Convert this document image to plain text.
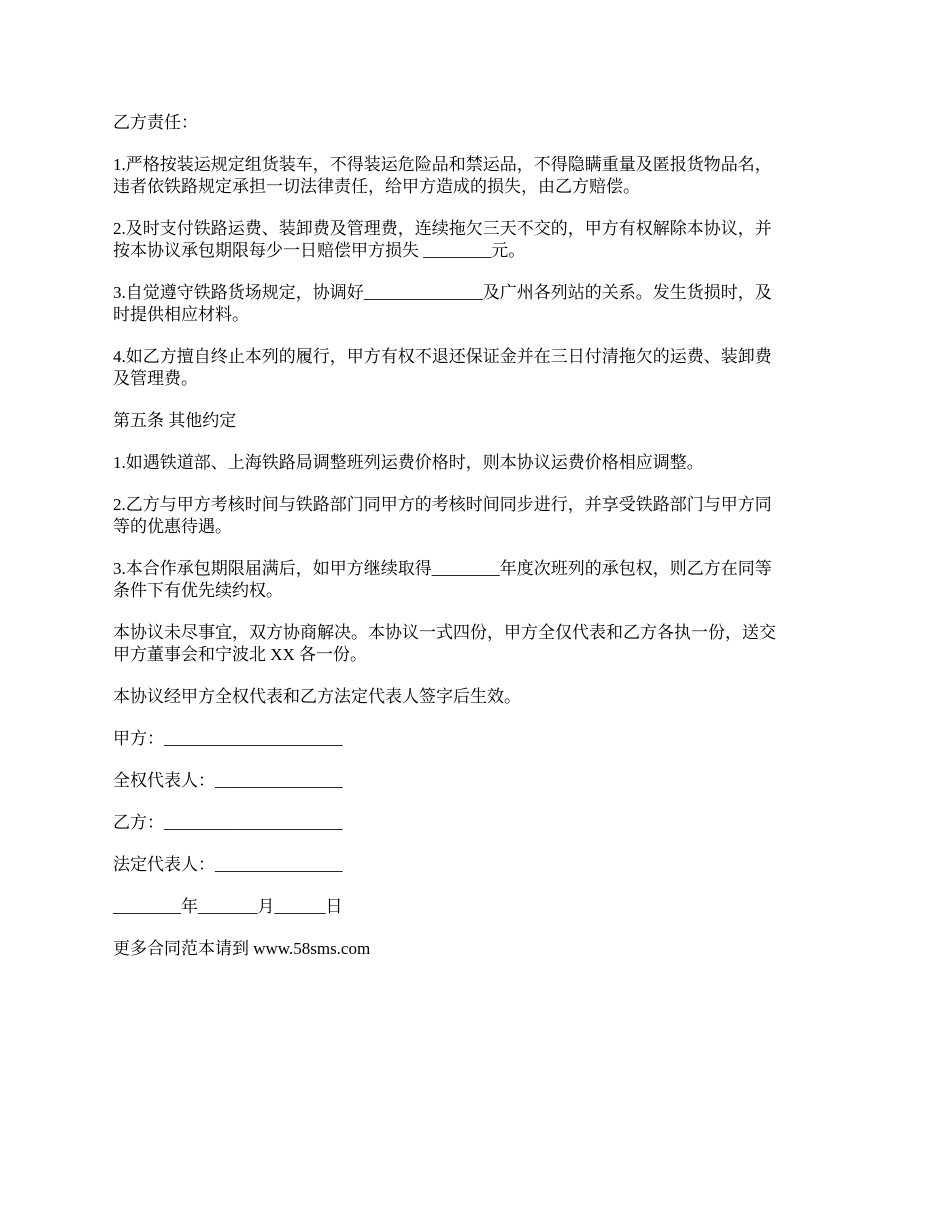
乙方责任：

1.严格按装运规定组货装车，不得装运危险品和禁运品，不得隐瞒重量及匿报货物品名，
违者依铁路规定承担一切法律责任，给甲方造成的损失，由乙方赔偿。

2.及时支付铁路运费、装卸费及管理费，连续拖欠三天不交的，甲方有权解除本协议，并
按本协议承包期限每少一日赔偿甲方损失 ________元。

3.自觉遵守铁路货场规定，协调好______________及广州各列站的关系。发生货损时，及
时提供相应材料。

4.如乙方擅自终止本列的履行，甲方有权不退还保证金并在三日付清拖欠的运费、装卸费
及管理费。

第五条 其他约定

1.如遇铁道部、上海铁路局调整班列运费价格时，则本协议运费价格相应调整。

2.乙方与甲方考核时间与铁路部门同甲方的考核时间同步进行，并享受铁路部门与甲方同
等的优惠待遇。

3.本合作承包期限届满后，如甲方继续取得________年度次班列的承包权，则乙方在同等
条件下有优先续约权。

本协议未尽事宜，双方协商解决。本协议一式四份，甲方全仅代表和乙方各执一份，送交
甲方董事会和宁波北 XX 各一份。

本协议经甲方全权代表和乙方法定代表人签字后生效。

甲方：_____________________

全权代表人：_______________

乙方：_____________________

法定代表人：_______________

________年_______月______日

更多合同范本请到 www.58sms.com
